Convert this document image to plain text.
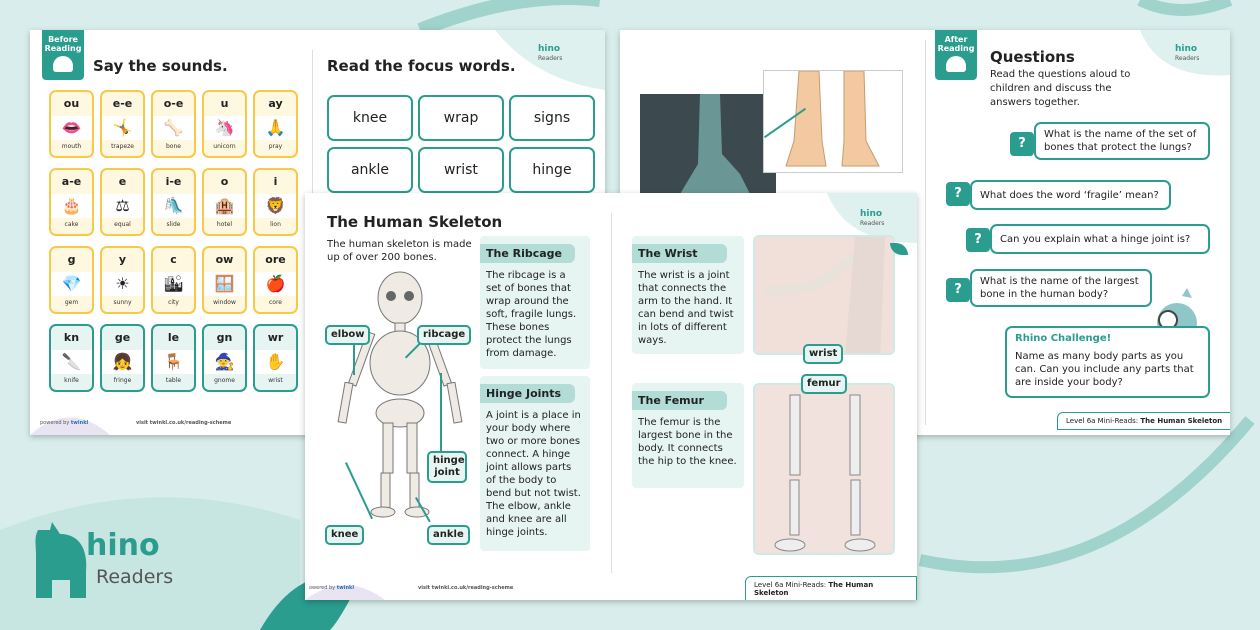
hino
Readers
Before Reading
Say the sounds.	Read the focus words.
hino
Readers
ou
👄
mouth
e-e
🤸
trapeze
o-e
🦴
bone
u
🦄
unicorn
ay
🙏
pray
a-e
🎂
cake
e
⚖
equal
i-e
🛝
slide
o
🏨
hotel
i
🦁
lion
g
💎
gem
y
☀
sunny
c
🏙
city
ow
🪟
window
ore
🍎
core
kn
🔪
knife
ge
👧
fringe
le
🪑
table
gn
🧙
gnome
wr
✋
wrist
knee	wrap	signs
ankle	wrist	hinge
powered by twinkl	visit twinkl.co.uk/reading-scheme
After Reading Questions
Read the questions aloud to children and discuss the answers together.
hino
Readers
?
What is the name of the set of bones that protect the lungs?
?	What does the word ‘fragile’ mean?
?	Can you explain what a hinge joint is?
?
What is the name of the largest bone in the human body?
Rhino Challenge!
Name as many body parts as you can. Can you include any parts that are inside your body?
Level 6a Mini-Reads: The Human Skeleton
hino
Readers
The Human Skeleton
The human skeleton is made up of over 200 bones.
elbow	ribcage
hinge joint
knee	ankle
The Ribcage
The ribcage is a set of bones that wrap around the soft, fragile lungs. These bones protect the lungs from damage.
Hinge Joints
A joint is a place in your body where two or more bones connect. A hinge joint allows parts of the body to bend but not twist. The elbow, ankle and knee are all hinge joints.
The Wrist
The wrist is a joint that connects the arm to the hand. It can bend and twist in lots of different ways.
The Femur
The femur is the largest bone in the body. It connects the hip to the knee.
wrist
femur
owered by twinkl	visit twinkl.co.uk/reading-scheme	Level 6a Mini-Reads: The Human Skeleton
